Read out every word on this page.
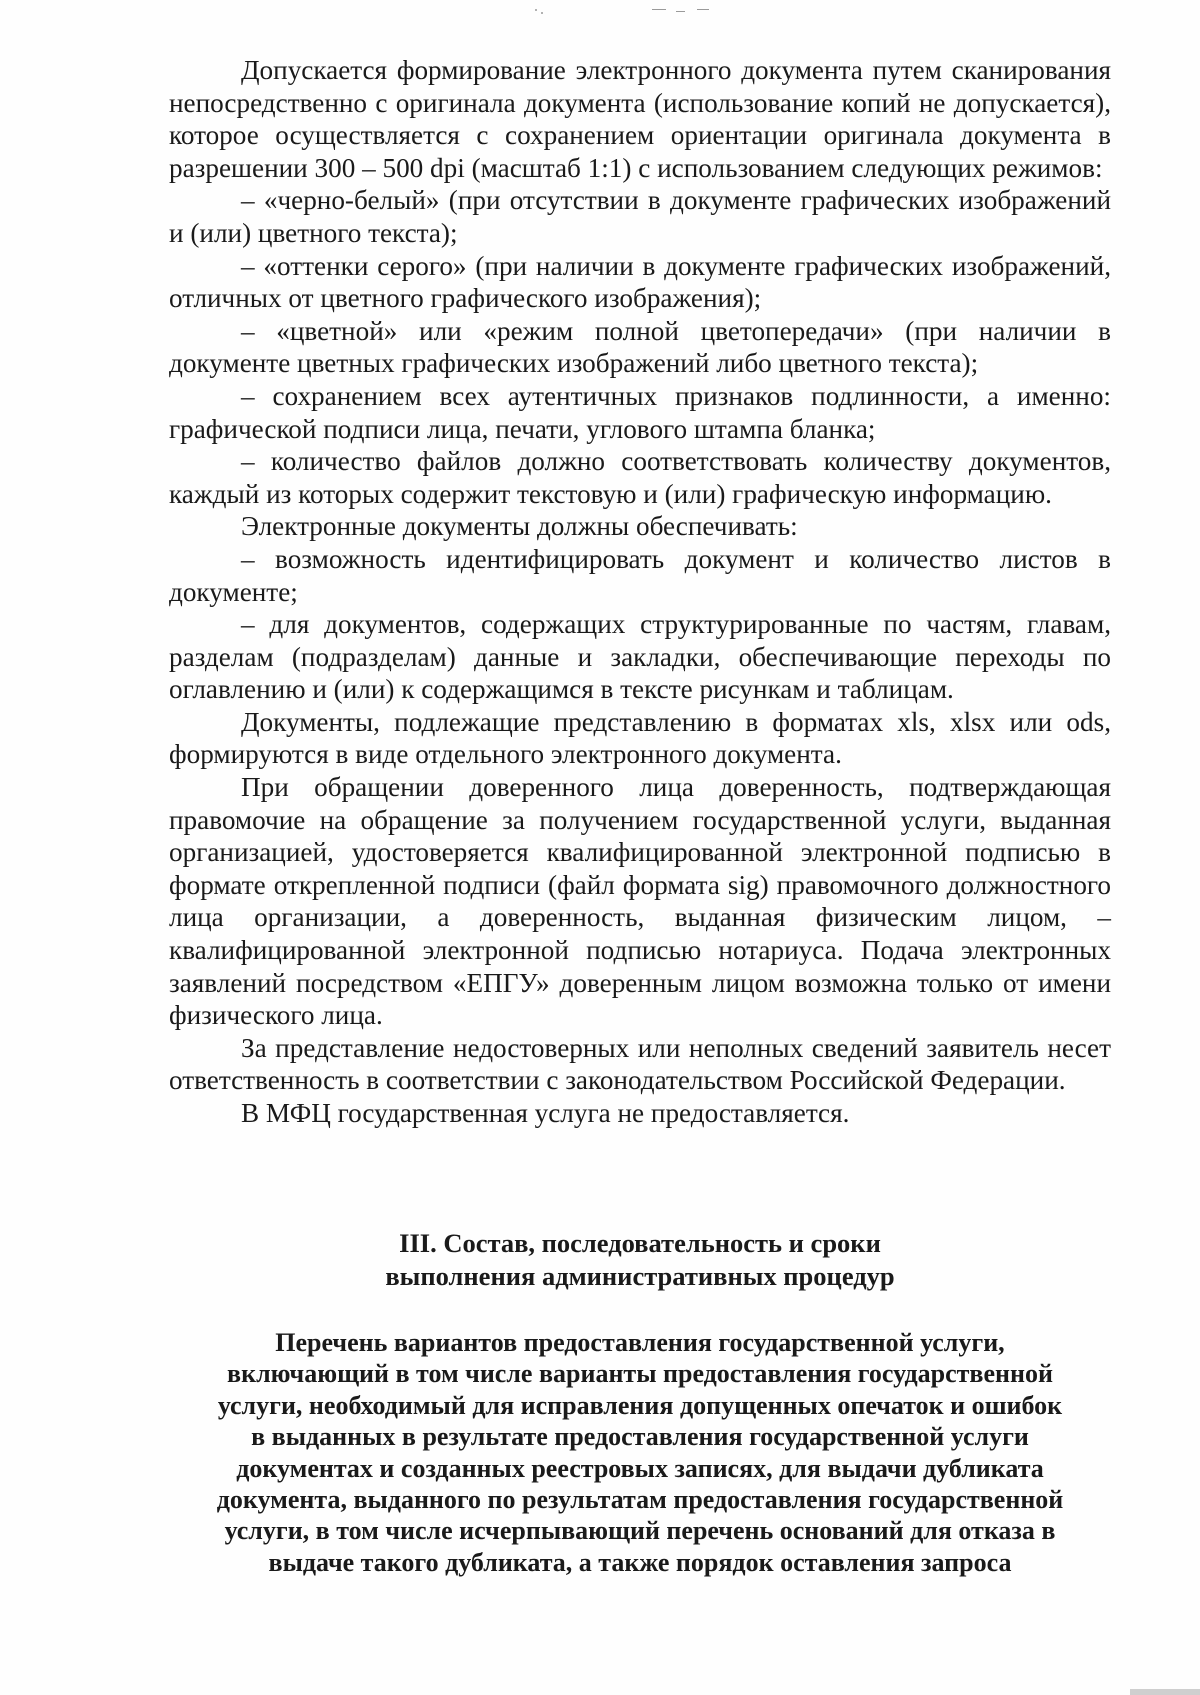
Допускается формирование электронного документа путем сканирования непосредственно с оригинала документа (использование копий не допускается), которое осуществляется с сохранением ориентации оригинала документа в разрешении 300 – 500 dpi (масштаб 1:1) с использованием следующих режимов:

– «черно-белый» (при отсутствии в документе графических изображений и (или) цветного текста);

– «оттенки серого» (при наличии в документе графических изображений, отличных от цветного графического изображения);

– «цветной» или «режим полной цветопередачи» (при наличии в документе цветных графических изображений либо цветного текста);

– сохранением всех аутентичных признаков подлинности, а именно: графической подписи лица, печати, углового штампа бланка;

– количество файлов должно соответствовать количеству документов, каждый из которых содержит текстовую и (или) графическую информацию.

Электронные документы должны обеспечивать:

– возможность идентифицировать документ и количество листов в документе;

– для документов, содержащих структурированные по частям, главам, разделам (подразделам) данные и закладки, обеспечивающие переходы по оглавлению и (или) к содержащимся в тексте рисункам и таблицам.

Документы, подлежащие представлению в форматах xls, xlsx или ods, формируются в виде отдельного электронного документа.

При обращении доверенного лица доверенность, подтверждающая правомочие на обращение за получением государственной услуги, выданная организацией, удостоверяется квалифицированной электронной подписью в формате открепленной подписи (файл формата sig) правомочного должностного лица организации, а доверенность, выданная физическим лицом, – квалифицированной электронной подписью нотариуса. Подача электронных заявлений посредством «ЕПГУ» доверенным лицом возможна только от имени физического лица.

За представление недостоверных или неполных сведений заявитель несет ответственность в соответствии с законодательством Российской Федерации.

В МФЦ государственная услуга не предоставляется.

III. Состав, последовательность и сроки

выполнения административных процедур

Перечень вариантов предоставления государственной услуги,

включающий в том числе варианты предоставления государственной

услуги, необходимый для исправления допущенных опечаток и ошибок

в выданных в результате предоставления государственной услуги

документах и созданных реестровых записях, для выдачи дубликата

документа, выданного по результатам предоставления государственной

услуги, в том числе исчерпывающий перечень оснований для отказа в

выдаче такого дубликата, а также порядок оставления запроса
